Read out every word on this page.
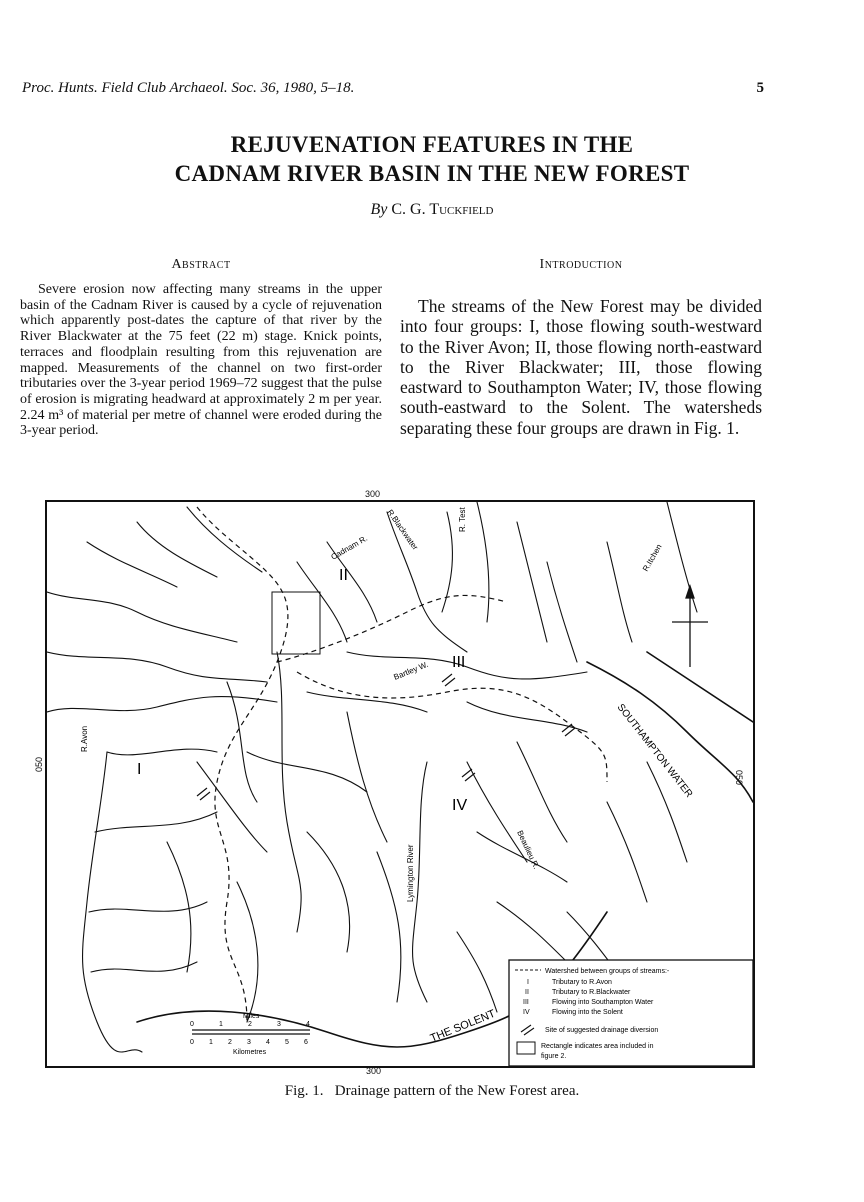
Proc. Hunts. Field Club Archaeol. Soc. 36, 1980, 5–18.	5
REJUVENATION FEATURES IN THE
CADNAM RIVER BASIN IN THE NEW FOREST
By C. G. Tuckfield
Abstract

Severe erosion now affecting many streams in the upper basin of the Cadnam River is caused by a cycle of rejuvenation which apparently post-dates the capture of that river by the River Blackwater at the 75 feet (22 m) stage. Knick points, terraces and floodplain resulting from this rejuvenation are mapped. Measurements of the channel on two first-order tributaries over the 3-year period 1969–72 suggest that the pulse of erosion is migrating headward at approximately 2 m per year. 2.24 m³ of material per metre of channel were eroded during the 3-year period.

Introduction

The streams of the New Forest may be divided into four groups: I, those flowing south-westward to the River Avon; II, those flowing north-eastward to the River Blackwater; III, those flowing eastward to Southampton Water; IV, those flowing south-eastward to the Solent. The watersheds separating these four groups are drawn in Fig. 1.

300
300
050
050
I
II
III
IV
R.Blackwater	R. Test
R.Itchen
Cadnam R.
Bartley W.
R.Avon
Lymington River	Beaulieu R.
SOUTHAMPTON WATER
THE SOLENT
Miles
0	1	2	3	4
0 1 2 3 4 5 6
Kilometres
Watershed between groups of streams:-
I	Tributary to R.Avon
II	Tributary to R.Blackwater
III	Flowing into Southampton Water
IV	Flowing into the Solent
Site of suggested drainage diversion
Rectangle indicates area included in
figure 2.
Fig. 1.   Drainage pattern of the New Forest area.
